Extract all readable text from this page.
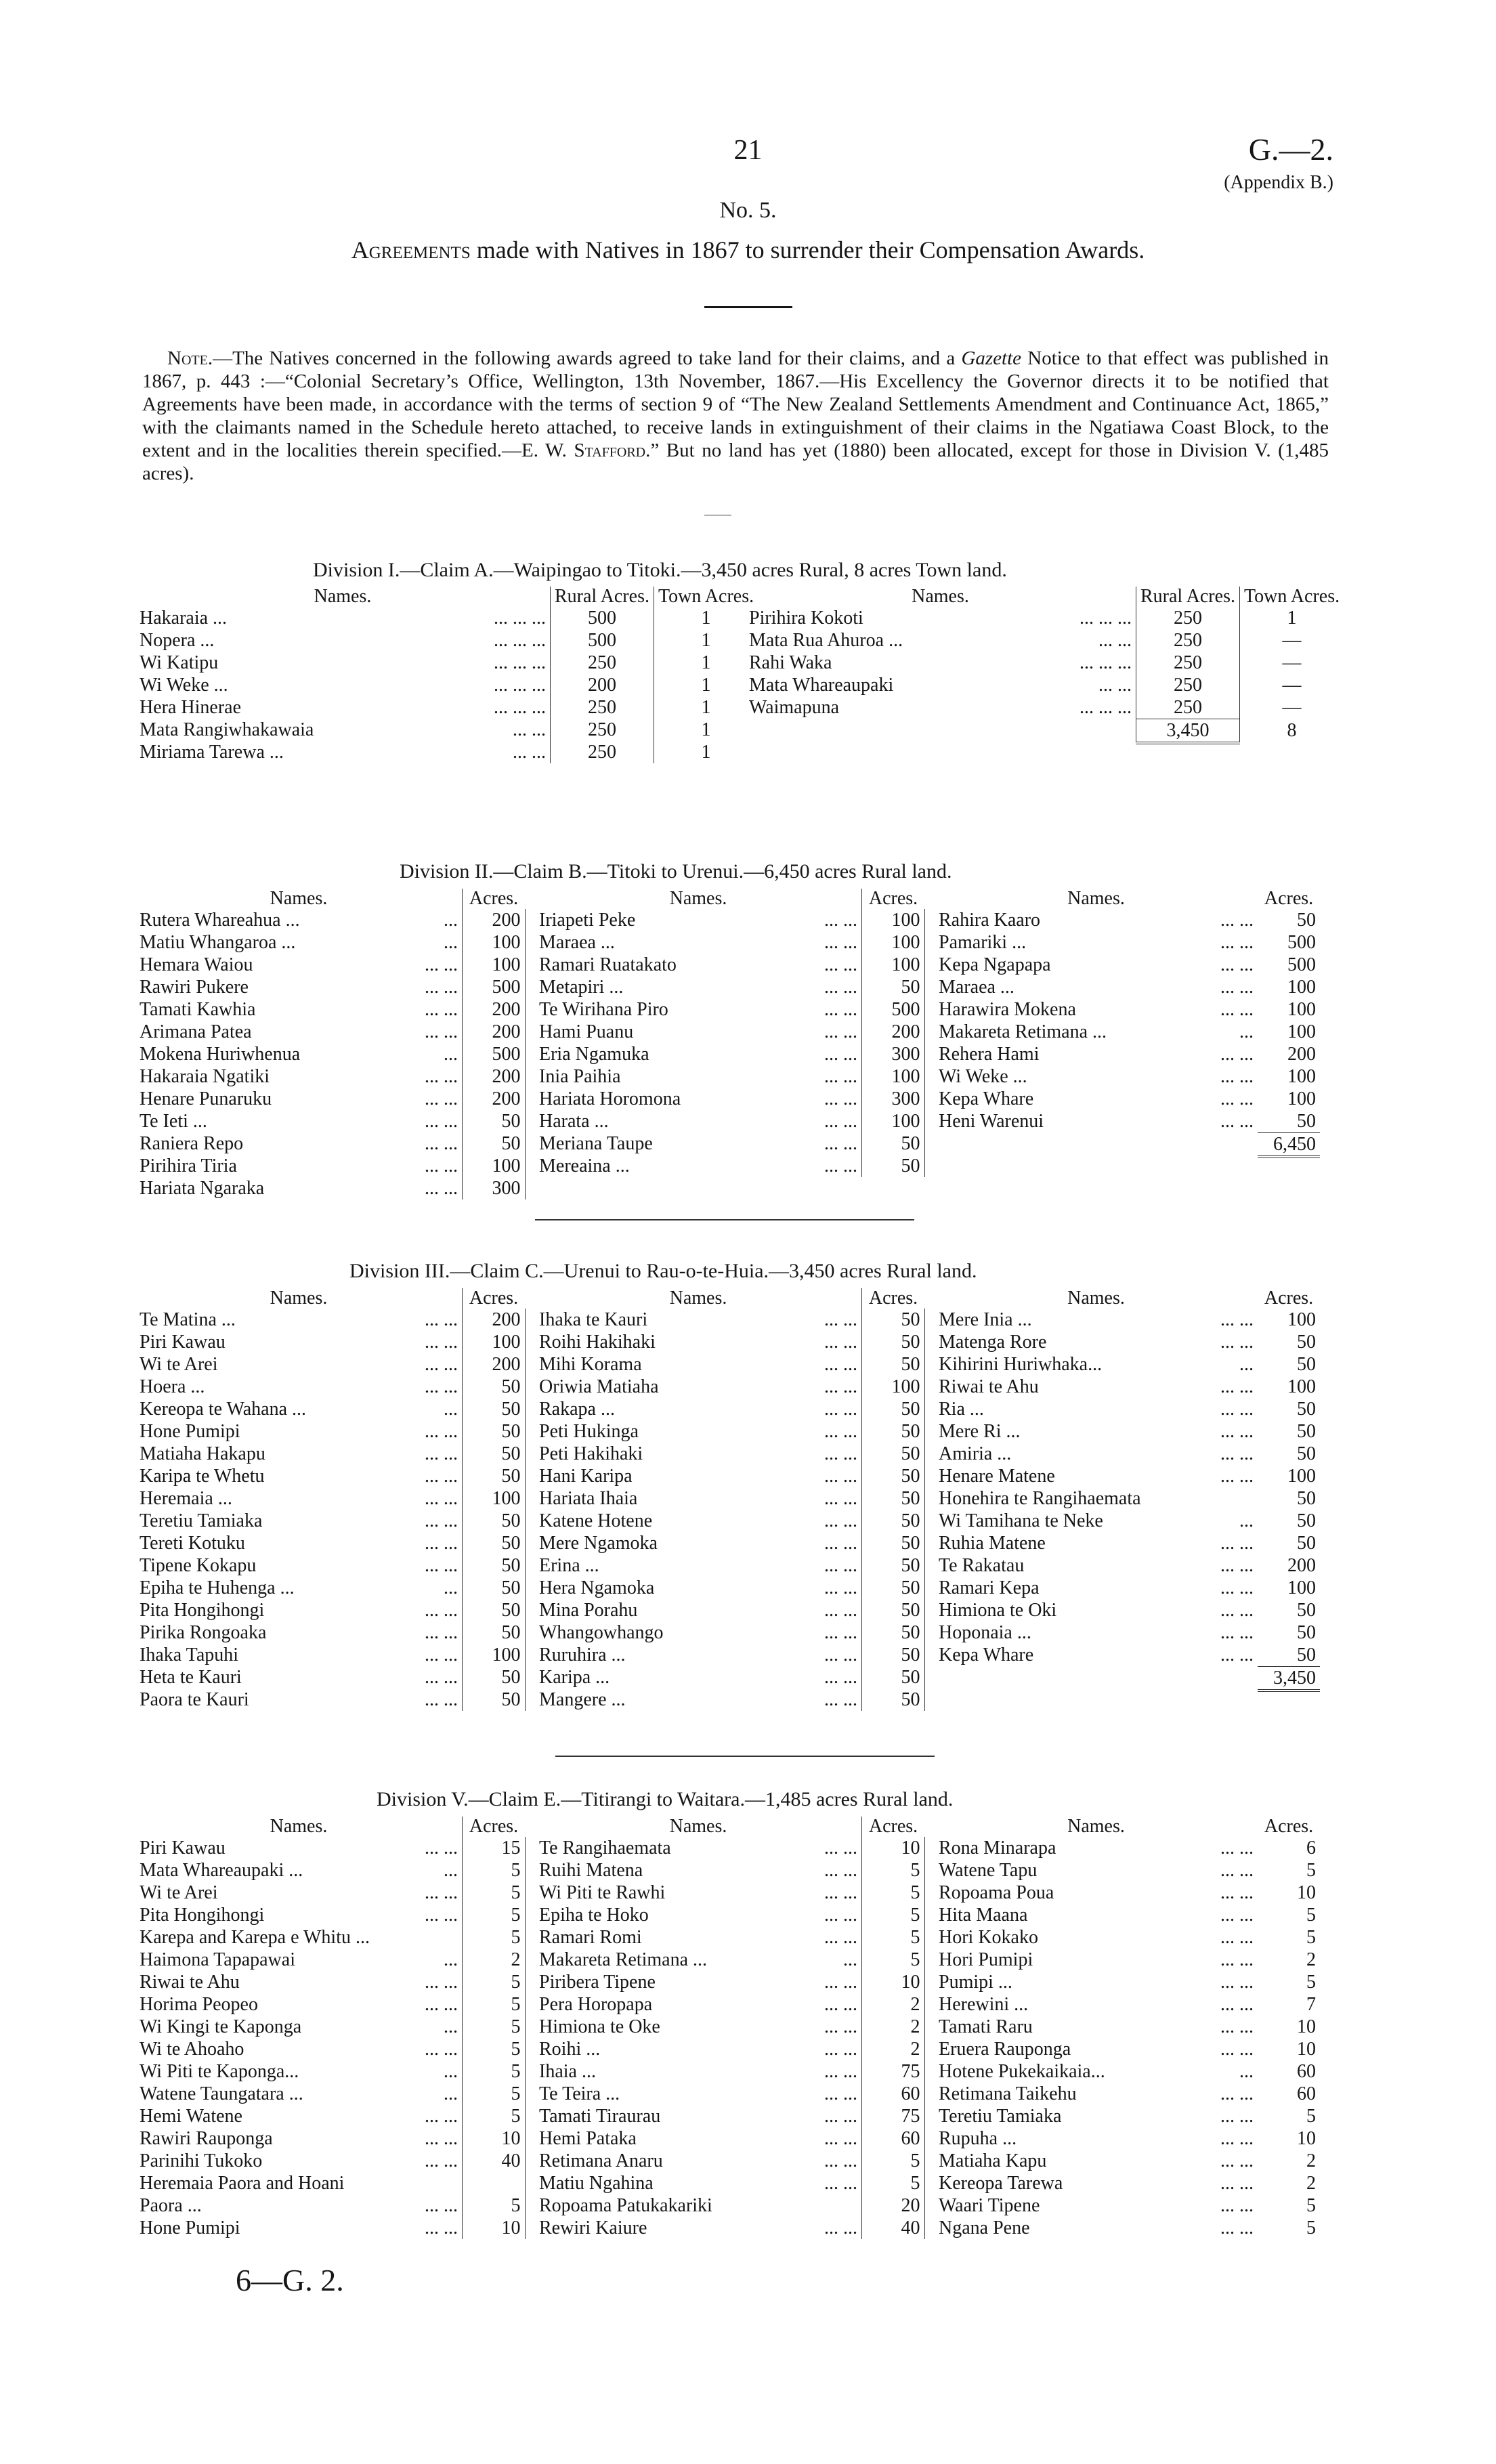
21	G.—2.
(Appendix B.)
No. 5.
Agreements made with Natives in 1867 to surrender their Compensation Awards.
Note.—The Natives concerned in the following awards agreed to take land for their claims, and a Gazette Notice to that effect was published in 1867, p. 443 :—“Colonial Secretary’s Office, Wellington, 13th November, 1867.—His Excellency the Governor directs it to be notified that Agreements have been made, in accordance with the terms of section 9 of “The New Zealand Settlements Amendment and Continuance Act, 1865,” with the claimants named in the Schedule hereto attached, to receive lands in extinguishment of their claims in the Ngatiawa Coast Block, to the extent and in the localities therein specified.—E. W. Stafford.” But no land has yet (1880) been allocated, except for those in Division V. (1,485 acres).
Division I.—Claim A.—Waipingao to Titoki.—3,450 acres Rural, 8 acres Town land.
Names.	Rural Acres.	Town Acres.
Hakaraia ... ... ... ...	500	1
Nopera ... ... ... ...	500	1
Wi Katipu ... ... ...	250	1
Wi Weke ... ... ... ...	200	1
Hera Hinerae ... ... ...	250	1
Mata Rangiwhakawaia ... ...	250	1
Miriama Tarewa ... ... ...	250	1
Names.	Rural Acres.	Town Acres.
Pirihira Kokoti ... ... ...	250	1
Mata Rua Ahuroa ... ... ...	250	—
Rahi Waka ... ... ...	250	—
Mata Whareaupaki ... ...	250	—
Waimapuna ... ... ...	250	—
	3,450	8
Division II.—Claim B.—Titoki to Urenui.—6,450 acres Rural land.
Names.	Acres.
Rutera Whareahua ... ...	200
Matiu Whangaroa ... ...	100
Hemara Waiou ... ...	100
Rawiri Pukere ... ...	500
Tamati Kawhia ... ...	200
Arimana Patea ... ...	200
Mokena Huriwhenua ...	500
Hakaraia Ngatiki ... ...	200
Henare Punaruku ... ...	200
Te Ieti ... ... ...	50
Raniera Repo ... ...	50
Pirihira Tiria ... ...	100
Hariata Ngaraka ... ...	300
Names.	Acres.
Iriapeti Peke ... ...	100
Maraea ... ... ...	100
Ramari Ruatakato ... ...	100
Metapiri ... ... ...	50
Te Wirihana Piro ... ...	500
Hami Puanu ... ...	200
Eria Ngamuka ... ...	300
Inia Paihia ... ...	100
Hariata Horomona ... ...	300
Harata ... ... ...	100
Meriana Taupe ... ...	50
Mereaina ... ... ...	50
Names.	Acres.
Rahira Kaaro ... ...	50
Pamariki ... ... ...	500
Kepa Ngapapa ... ...	500
Maraea ... ... ...	100
Harawira Mokena ... ...	100
Makareta Retimana ... ...	100
Rehera Hami ... ...	200
Wi Weke ... ... ...	100
Kepa Whare ... ...	100
Heni Warenui ... ...	50
	6,450
Division III.—Claim C.—Urenui to Rau-o-te-Huia.—3,450 acres Rural land.
Names.	Acres.
Te Matina ... ... ...	200
Piri Kawau ... ...	100
Wi te Arei ... ...	200
Hoera ... ... ...	50
Kereopa te Wahana ... ...	50
Hone Pumipi ... ...	50
Matiaha Hakapu ... ...	50
Karipa te Whetu ... ...	50
Heremaia ... ... ...	100
Teretiu Tamiaka ... ...	50
Tereti Kotuku ... ...	50
Tipene Kokapu ... ...	50
Epiha te Huhenga ... ...	50
Pita Hongihongi ... ...	50
Pirika Rongoaka ... ...	50
Ihaka Tapuhi ... ...	100
Heta te Kauri ... ...	50
Paora te Kauri ... ...	50
Names.	Acres.
Ihaka te Kauri ... ...	50
Roihi Hakihaki ... ...	50
Mihi Korama ... ...	50
Oriwia Matiaha ... ...	100
Rakapa ... ... ...	50
Peti Hukinga ... ...	50
Peti Hakihaki ... ...	50
Hani Karipa ... ...	50
Hariata Ihaia ... ...	50
Katene Hotene ... ...	50
Mere Ngamoka ... ...	50
Erina ... ... ...	50
Hera Ngamoka ... ...	50
Mina Porahu ... ...	50
Whangowhango ... ...	50
Ruruhira ... ... ...	50
Karipa ... ... ...	50
Mangere ... ... ...	50
Names.	Acres.
Mere Inia ... ... ...	100
Matenga Rore ... ...	50
Kihirini Huriwhaka... ...	50
Riwai te Ahu ... ...	100
Ria ... ... ...	50
Mere Ri ... ... ...	50
Amiria ... ... ...	50
Henare Matene ... ...	100
Honehira te Rangihaemata	50
Wi Tamihana te Neke ...	50
Ruhia Matene ... ...	50
Te Rakatau ... ...	200
Ramari Kepa ... ...	100
Himiona te Oki ... ...	50
Hoponaia ... ... ...	50
Kepa Whare ... ...	50
	3,450
Division V.—Claim E.—Titirangi to Waitara.—1,485 acres Rural land.
Names.	Acres.
Piri Kawau ... ...	15
Mata Whareaupaki ... ...	5
Wi te Arei ... ...	5
Pita Hongihongi ... ...	5
Karepa and Karepa e Whitu ...	5
Haimona Tapapawai ...	2
Riwai te Ahu ... ...	5
Horima Peopeo ... ...	5
Wi Kingi te Kaponga ...	5
Wi te Ahoaho ... ...	5
Wi Piti te Kaponga... ...	5
Watene Taungatara ... ...	5
Hemi Watene ... ...	5
Rawiri Rauponga ... ...	10
Parinihi Tukoko ... ...	40
Heremaia Paora and Hoani

Paora ... ... ...	5
Hone Pumipi ... ...	10
Names.	Acres.
Te Rangihaemata ... ...	10
Ruihi Matena ... ...	5
Wi Piti te Rawhi ... ...	5
Epiha te Hoko ... ...	5
Ramari Romi ... ...	5
Makareta Retimana ... ...	5
Piribera Tipene ... ...	10
Pera Horopapa ... ...	2
Himiona te Oke ... ...	2
Roihi ... ... ...	2
Ihaia ... ... ...	75
Te Teira ... ... ...	60
Tamati Tiraurau ... ...	75
Hemi Pataka ... ...	60
Retimana Anaru ... ...	5
Matiu Ngahina ... ...	5
Ropoama Patukakariki	20
Rewiri Kaiure ... ...	40
Names.	Acres.
Rona Minarapa ... ...	6
Watene Tapu ... ...	5
Ropoama Poua ... ...	10
Hita Maana ... ...	5
Hori Kokako ... ...	5
Hori Pumipi ... ...	2
Pumipi ... ... ...	5
Herewini ... ... ...	7
Tamati Raru ... ...	10
Eruera Rauponga ... ...	10
Hotene Pukekaikaia... ...	60
Retimana Taikehu ... ...	60
Teretiu Tamiaka ... ...	5
Rupuha ... ... ...	10
Matiaha Kapu ... ...	2
Kereopa Tarewa ... ...	2
Waari Tipene ... ...	5
Ngana Pene ... ...	5
6—G. 2.
